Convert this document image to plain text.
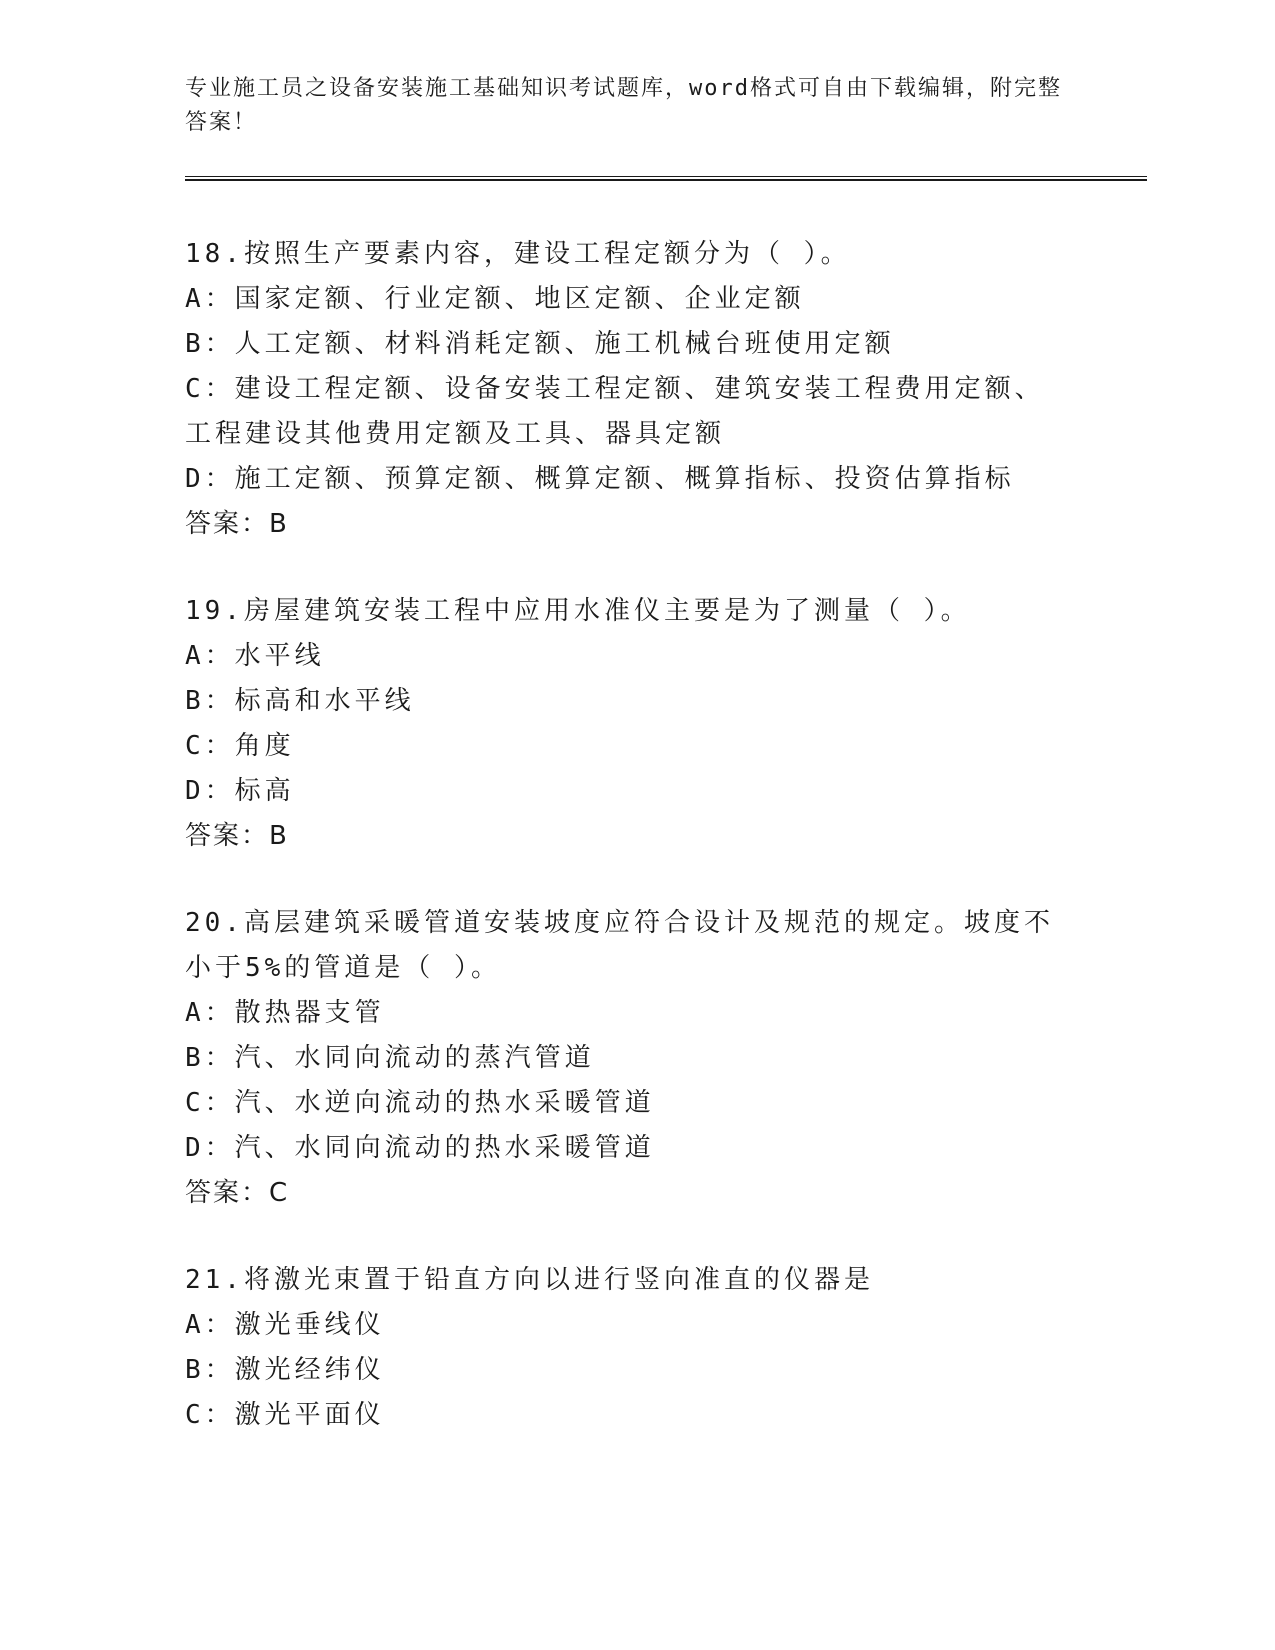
专业施工员之设备安装施工基础知识考试题库，word格式可自由下载编辑，附完整答案！

18.按照生产要素内容，建设工程定额分为（ ）。

A：国家定额、行业定额、地区定额、企业定额

B：人工定额、材料消耗定额、施工机械台班使用定额

C：建设工程定额、设备安装工程定额、建筑安装工程费用定额、工程建设其他费用定额及工具、器具定额

D：施工定额、预算定额、概算定额、概算指标、投资估算指标

答案：B

19.房屋建筑安装工程中应用水准仪主要是为了测量（ ）。

A：水平线

B：标高和水平线

C：角度

D：标高

答案：B

20.高层建筑采暖管道安装坡度应符合设计及规范的规定。坡度不小于5%的管道是（ ）。

A：散热器支管

B：汽、水同向流动的蒸汽管道

C：汽、水逆向流动的热水采暖管道

D：汽、水同向流动的热水采暖管道

答案：C

21.将激光束置于铅直方向以进行竖向准直的仪器是

A：激光垂线仪

B：激光经纬仪

C：激光平面仪
